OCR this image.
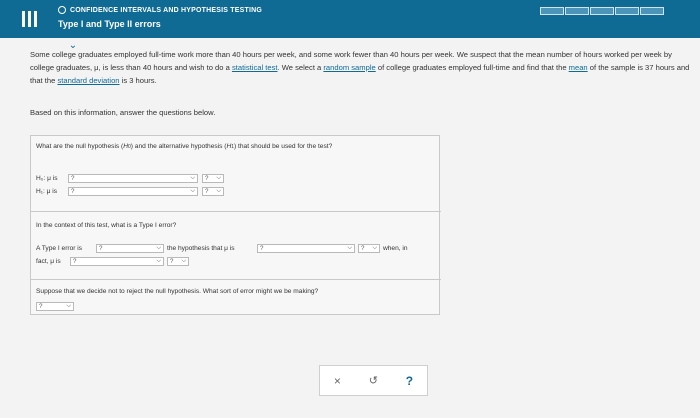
CONFIDENCE INTERVALS AND HYPOTHESIS TESTING
Type I and Type II errors
⌄
Some college graduates employed full-time work more than 40 hours per week, and some work fewer than 40 hours per week. We suspect that the mean number of hours worked per week by college graduates, μ, is less than 40 hours and wish to do a statistical test. We select a random sample of college graduates employed full-time and find that the mean of the sample is 37 hours and that the standard deviation is 3 hours.
Based on this information, answer the questions below.
What are the null hypothesis ( H 0 ) and the alternative hypothesis ( H 1 ) that should be used for the test?
H₀: μ is	?	⌵ ? ⌵
H₁: μ is	?	⌵ ? ⌵
In the context of this test, what is a Type I error?
A Type I error is	?	⌵ the hypothesis that μ is	?	⌵ ? ⌵ when, in
fact, μ is	?	⌵ ? ⌵
Suppose that we decide not to reject the null hypothesis. What sort of error might we be making?
?	⌵
×	↺ ?
